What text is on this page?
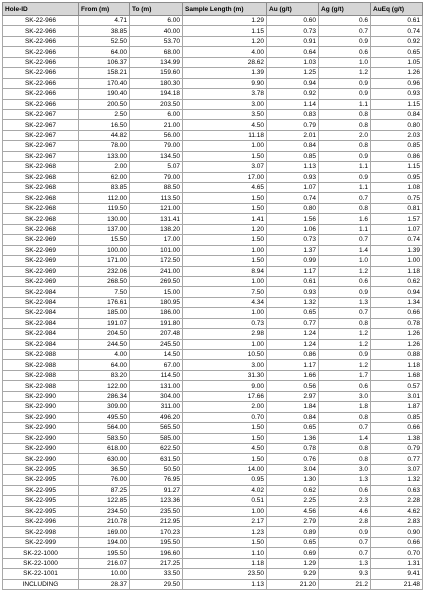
Hole-ID	From (m)	To (m)	Sample Length (m)	Au (g/t)	Ag (g/t)	AuEq (g/t)
SK-22-966	4.71	6.00	1.29	0.60	0.6	0.61
SK-22-966	38.85	40.00	1.15	0.73	0.7	0.74
SK-22-966	52.50	53.70	1.20	0.91	0.9	0.92
SK-22-966	64.00	68.00	4.00	0.64	0.6	0.65
SK-22-966	106.37	134.99	28.62	1.03	1.0	1.05
SK-22-966	158.21	159.60	1.39	1.25	1.2	1.26
SK-22-966	170.40	180.30	9.90	0.94	0.9	0.96
SK-22-966	190.40	194.18	3.78	0.92	0.9	0.93
SK-22-966	200.50	203.50	3.00	1.14	1.1	1.15
SK-22-967	2.50	6.00	3.50	0.83	0.8	0.84
SK-22-967	16.50	21.00	4.50	0.79	0.8	0.80
SK-22-967	44.82	56.00	11.18	2.01	2.0	2.03
SK-22-967	78.00	79.00	1.00	0.84	0.8	0.85
SK-22-967	133.00	134.50	1.50	0.85	0.9	0.86
SK-22-968	2.00	5.07	3.07	1.13	1.1	1.15
SK-22-968	62.00	79.00	17.00	0.93	0.9	0.95
SK-22-968	83.85	88.50	4.65	1.07	1.1	1.08
SK-22-968	112.00	113.50	1.50	0.74	0.7	0.75
SK-22-968	119.50	121.00	1.50	0.80	0.8	0.81
SK-22-968	130.00	131.41	1.41	1.56	1.6	1.57
SK-22-968	137.00	138.20	1.20	1.06	1.1	1.07
SK-22-969	15.50	17.00	1.50	0.73	0.7	0.74
SK-22-969	100.00	101.00	1.00	1.37	1.4	1.39
SK-22-969	171.00	172.50	1.50	0.99	1.0	1.00
SK-22-969	232.06	241.00	8.94	1.17	1.2	1.18
SK-22-969	268.50	269.50	1.00	0.61	0.6	0.62
SK-22-984	7.50	15.00	7.50	0.93	0.9	0.94
SK-22-984	176.61	180.95	4.34	1.32	1.3	1.34
SK-22-984	185.00	186.00	1.00	0.65	0.7	0.66
SK-22-984	191.07	191.80	0.73	0.77	0.8	0.78
SK-22-984	204.50	207.48	2.98	1.24	1.2	1.26
SK-22-984	244.50	245.50	1.00	1.24	1.2	1.26
SK-22-988	4.00	14.50	10.50	0.86	0.9	0.88
SK-22-988	64.00	67.00	3.00	1.17	1.2	1.18
SK-22-988	83.20	114.50	31.30	1.66	1.7	1.68
SK-22-988	122.00	131.00	9.00	0.56	0.6	0.57
SK-22-990	286.34	304.00	17.66	2.97	3.0	3.01
SK-22-990	309.00	311.00	2.00	1.84	1.8	1.87
SK-22-990	495.50	496.20	0.70	0.84	0.8	0.85
SK-22-990	564.00	565.50	1.50	0.65	0.7	0.66
SK-22-990	583.50	585.00	1.50	1.36	1.4	1.38
SK-22-990	618.00	622.50	4.50	0.78	0.8	0.79
SK-22-990	630.00	631.50	1.50	0.76	0.8	0.77
SK-22-995	36.50	50.50	14.00	3.04	3.0	3.07
SK-22-995	76.00	76.95	0.95	1.30	1.3	1.32
SK-22-995	87.25	91.27	4.02	0.62	0.6	0.63
SK-22-995	122.85	123.36	0.51	2.25	2.3	2.28
SK-22-995	234.50	235.50	1.00	4.56	4.6	4.62
SK-22-996	210.78	212.95	2.17	2.79	2.8	2.83
SK-22-998	169.00	170.23	1.23	0.89	0.9	0.90
SK-22-999	194.00	195.50	1.50	0.65	0.7	0.66
SK-22-1000	195.50	196.60	1.10	0.69	0.7	0.70
SK-22-1000	216.07	217.25	1.18	1.29	1.3	1.31
SK-22-1001	10.00	33.50	23.50	9.29	9.3	9.41
INCLUDING	28.37	29.50	1.13	21.20	21.2	21.48
